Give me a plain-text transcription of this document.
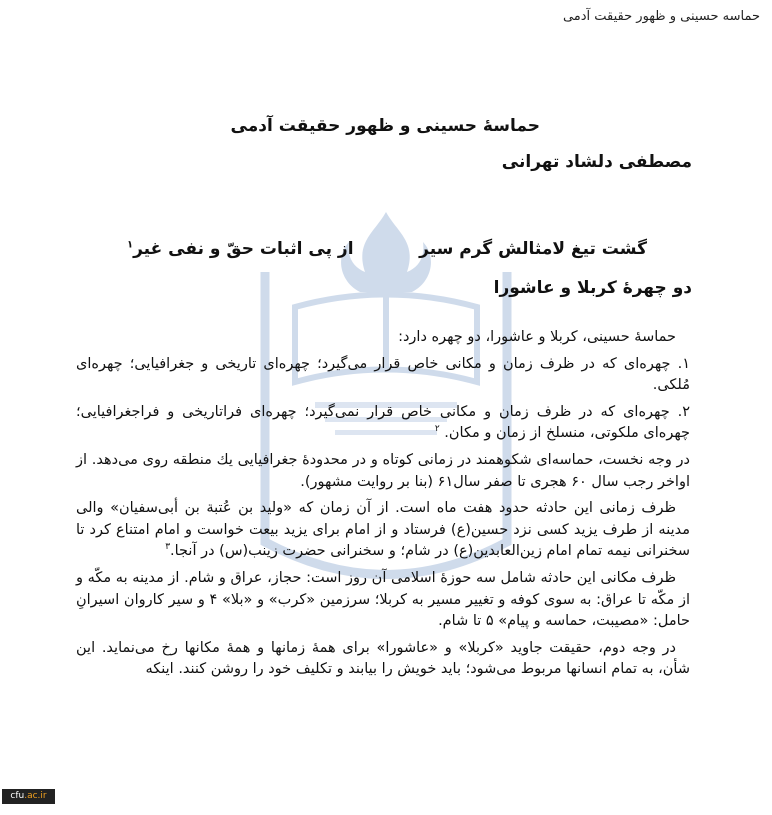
حماسه حسینی و ظهور حقیقت آدمی
حماسۀ حسینی و ظهور حقیقت آدمی
مصطفی دلشاد تهرانی
گشت تیغ لامثالش گرم سیر
از پی اثبات حقّ و نفی غیر$^۱$
دو چهرۀ کربلا و عاشورا

حماسۀ حسینی، کربلا و عاشورا، دو چهره دارد:

۱. چهره‌ای که در ظرف زمان و مکانی خاص قرار می‌گیرد؛ چهره‌ای تاریخی و جغرافیایی؛ چهره‌ای مُلکی.

۲. چهره‌ای که در ظرف زمان و مکانی خاص قرار نمی‌گیرد؛ چهره‌ای فراتاریخی و فراجغرافیایی؛ چهره‌ای ملکوتی، منسلخ از زمان و مکان. $^۲$

در وجه نخست، حماسه‌ای شکوهمند در زمانی کوتاه و در محدودۀ جغرافیایی یك منطقه روی می‌دهد. از اواخر رجب سال ۶۰ هجری تا صفر سال۶۱ (بنا بر روایت مشهور).

ظرف زمانی این حادثه حدود هفت ماه است. از آن زمان که «ولید بن عُتبة بن أبی‌سفیان» والی مدینه از طرف یزید کسی نزد حسین(ع) فرستاد و از امام برای یزید بیعت خواست و امام امتناع کرد تا سخنرانی نیمه تمام امام زین‌العابدین(ع) در شام؛ و سخنرانی حضرت زینب(س) در آنجا.$^۳$

ظرف مکانی این حادثه شامل سه حوزۀ اسلامی آن روز است: حجاز، عراق و شام. از مدینه به مکّه و از مکّه تا عراق: به سوی کوفه و تغییر مسیر به کربلا؛ سرزمین «کرب» و «بلا» ۴ و سیر کاروان اسیرانِ حامل: «مصیبت، حماسه و پیام» ۵ تا شام.

در وجه دوم، حقیقت جاوید «کربلا» و «عاشورا» برای همۀ زمانها و همۀ مکانها رخ می‌نماید. این شأن، به تمام انسانها مربوط می‌شود؛ باید خویش را بیابند و تکلیف خود را روشن کنند. اینکه

cfu.ac.ir
